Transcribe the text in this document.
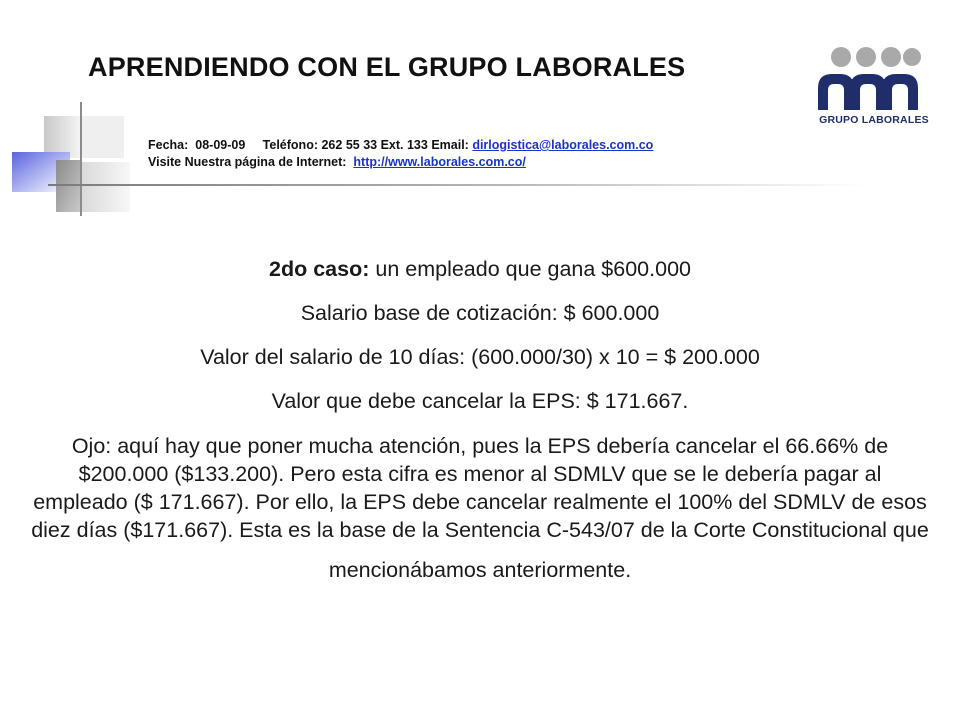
APRENDIENDO CON EL GRUPO LABORALES
GRUPO LABORALES
Fecha: 08-09-09 Teléfono: 262 55 33 Ext. 133 Email: dirlogistica@laborales.com.co
Visite Nuestra página de Internet: http://www.laborales.com.co/

2do caso: un empleado que gana $600.000

Salario base de cotización: $ 600.000

Valor del salario de 10 días: (600.000/30) x 10 = $ 200.000

Valor que debe cancelar la EPS: $ 171.667.

Ojo: aquí hay que poner mucha atención, pues la EPS debería cancelar el 66.66% de $200.000 ($133.200). Pero esta cifra es menor al SDMLV que se le debería pagar al empleado ($ 171.667). Por ello, la EPS debe cancelar realmente el 100% del SDMLV de esos diez días ($171.667). Esta es la base de la Sentencia C-543/07 de la Corte Constitucional que
mencionábamos anteriormente.
